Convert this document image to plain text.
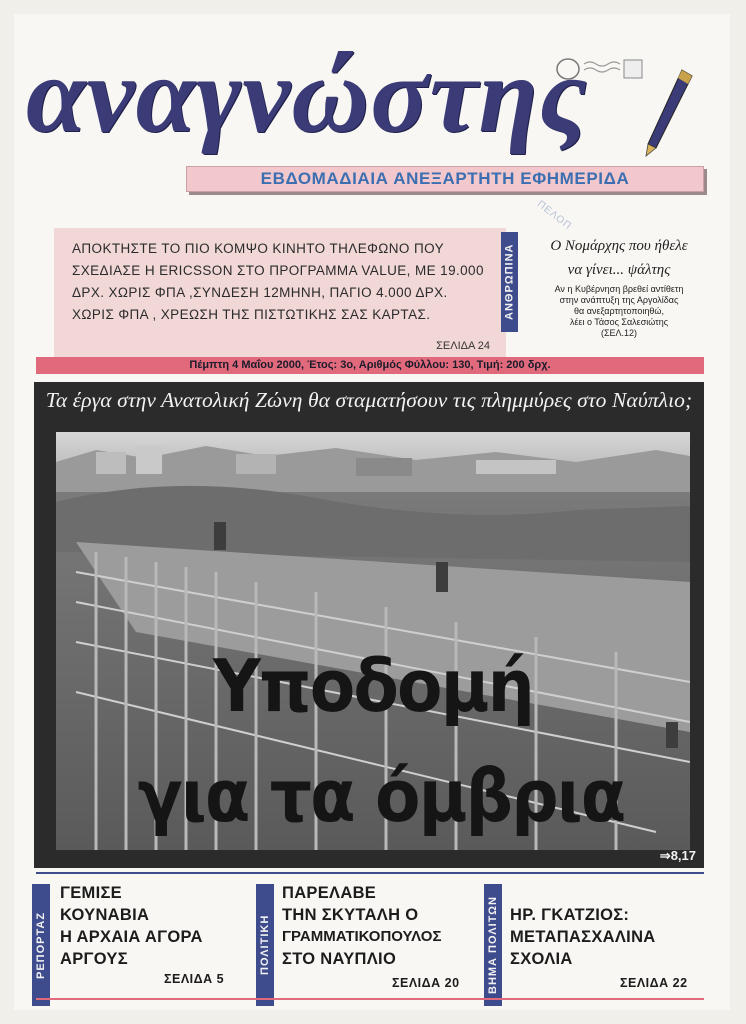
αναγνώστης
ΕΒΔΟΜΑΔΙΑΙΑ ΑΝΕΞΑΡΤΗΤΗ ΕΦΗΜΕΡΙΔΑ
ΑΠΟΚΤΗΣΤΕ ΤΟ ΠΙΟ ΚΟΜΨΟ ΚΙΝΗΤΟ ΤΗΛΕΦΩΝΟ ΠΟΥ
ΣΧΕΔΙΑΣΕ Η ERICSSON ΣΤΟ ΠΡΟΓΡΑΜΜΑ VALUE, ΜΕ 19.000
ΔΡΧ. ΧΩΡΙΣ ΦΠΑ ,ΣΥΝΔΕΣΗ 12ΜΗΝΗ, ΠΑΓΙΟ 4.000 ΔΡΧ.
ΧΩΡΙΣ ΦΠΑ , ΧΡΕΩΣΗ ΤΗΣ ΠΙΣΤΩΤΙΚΗΣ ΣΑΣ ΚΑΡΤΑΣ.
ΣΕΛΙΔΑ 24
ΠΕΛΟΠ
ΑΝΘΡΩΠΙΝΑ	Ο Νομάρχης που ήθελε
να γίνει... ψάλτης
Αν η Κυβέρνηση βρεθεί αντίθετη
στην ανάπτυξη της Αργολίδας
θα ανεξαρτητοποιηθώ,
λέει ο Τάσος Σαλεσιώτης
(ΣΕΛ.12)
Πέμπτη 4 Μαΐου 2000, Έτος: 3ο, Αριθμός Φύλλου: 130, Τιμή: 200 δρχ.
Τα έργα στην Ανατολική Ζώνη θα σταματήσουν τις πλημμύρες στο Ναύπλιο;
Υποδομή
για τα όμβρια
⇒8,17
ΡΕΠΟΡΤΑΖ
ΓΕΜΙΣΕ
ΚΟΥΝΑΒΙΑ
Η ΑΡΧΑΙΑ ΑΓΟΡΑ
ΑΡΓΟΥΣ
ΣΕΛΙΔΑ 5
ΠΟΛΙΤΙΚΗ
ΠΑΡΕΛΑΒΕ
ΤΗΝ ΣΚΥΤΑΛΗ Ο
ΓΡΑΜΜΑΤΙΚΟΠΟΥΛΟΣ
ΣΤΟ ΝΑΥΠΛΙΟ
ΣΕΛΙΔΑ 20 ΒΗΜΑ ΠΟΛΙΤΩΝ ΗΡ. ΓΚΑΤΖΙΟΣ:
ΜΕΤΑΠΑΣΧΑΛΙΝΑ
ΣΧΟΛΙΑ
ΣΕΛΙΔΑ 22
